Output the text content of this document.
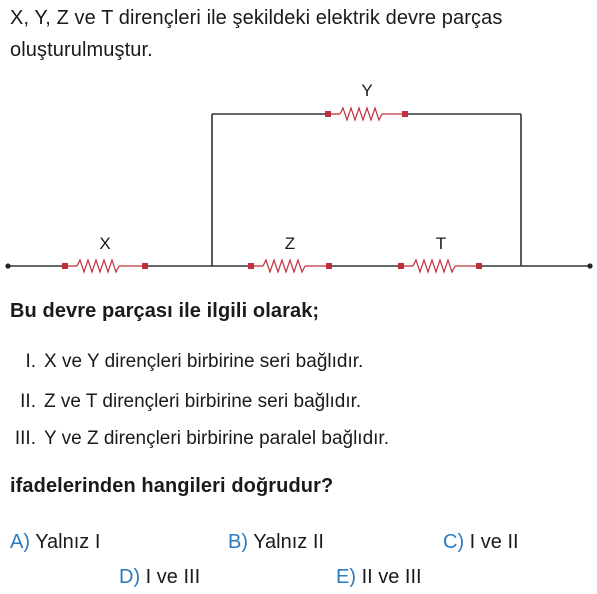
X, Y, Z ve T dirençleri ile şekildeki elektrik devre parças
oluşturulmuştur.
Y
X	Z	T
Bu devre parçası ile ilgili olarak;
I. X ve Y dirençleri birbirine seri bağlıdır.
II. Z ve T dirençleri birbirine seri bağlıdır.
III. Y ve Z dirençleri birbirine paralel bağlıdır.
ifadelerinden hangileri doğrudur?
A) Yalnız I	B) Yalnız II	C) I ve II
D) I ve III	E) II ve III
